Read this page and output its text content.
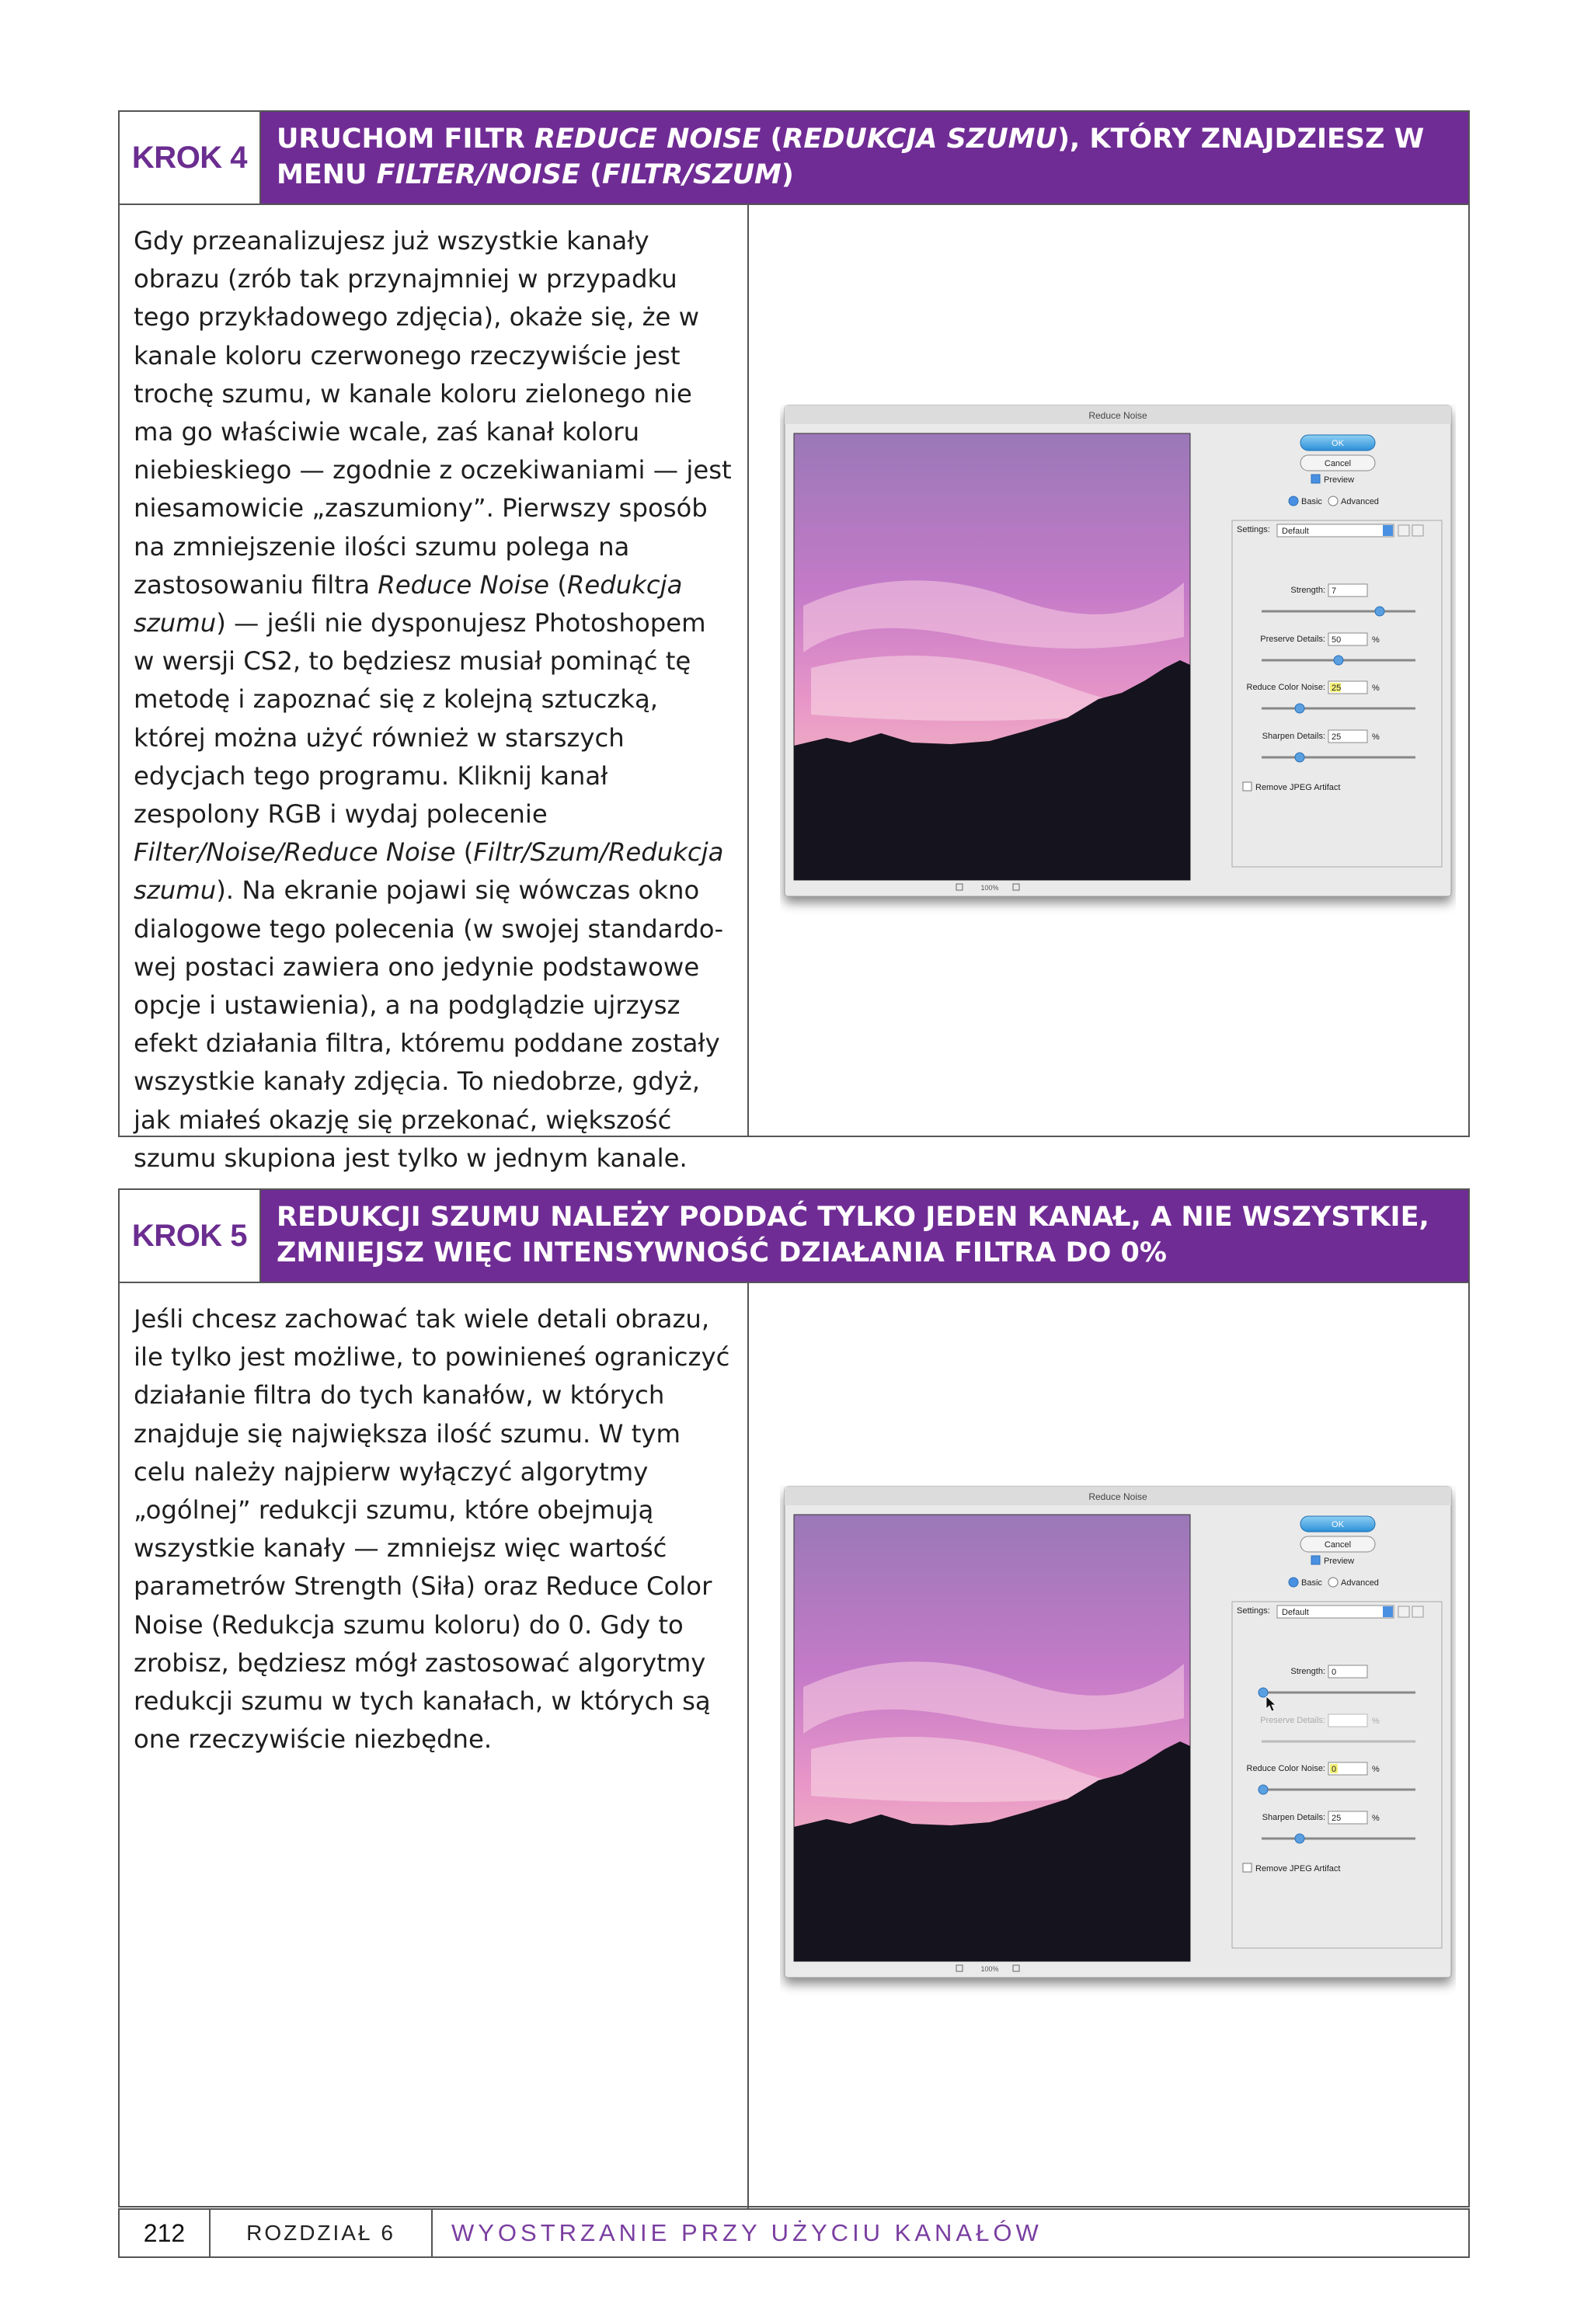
KROK 4
URUCHOM FILTR REDUCE NOISE (REDUKCJA SZUMU), KTÓRY ZNAJDZIESZ W MENU FILTER/NOISE (FILTR/SZUM)
Gdy przeanalizujesz już wszystkie kanały obrazu (zrób tak przynajmniej w przypadku tego przykładowego zdjęcia), okaże się, że w kanale koloru czerwonego rzeczywiście jest trochę szumu, w kanale koloru zielonego nie ma go właściwie wcale, zaś kanał koloru niebieskiego — zgodnie z oczekiwaniami — jest niesamowicie „zaszumiony”. Pierwszy sposób na zmniejszenie ilości szumu polega na zastosowaniu filtra Reduce Noise (Redukcja szumu) — jeśli nie dysponujesz Photoshopem w wersji CS2, to będziesz musiał pominąć tę metodę i zapoznać się z kolejną sztuczką, której można użyć również w starszych edycjach tego programu. Kliknij kanał zespolony RGB i wydaj polecenie Filter/Noise/Reduce Noise (Filtr/Szum/Redukcja szumu). Na ekranie pojawi się wówczas okno dialogowe tego polecenia (w swojej standardowej postaci zawiera ono jedynie podstawowe opcje i ustawienia), a na podglądzie ujrzysz efekt działania filtra, któremu poddane zostały wszystkie kanały zdjęcia. To niedobrze, gdyż, jak miałeś okazję się przekonać, większość szumu skupiona jest tylko w jednym kanale.
Reduce Noise
100%
OK
Cancel
Preview
Basic Advanced
Settings: Default
Strength: 7
Preserve Details: 50	%
Reduce Color Noise: 25	%
Sharpen Details: 25	%
Remove JPEG Artifact
KROK 5
REDUKCJI SZUMU NALEŻY PODDAĆ TYLKO JEDEN KANAŁ, A NIE WSZYSTKIE,
ZMNIEJSZ WIĘC INTENSYWNOŚĆ DZIAŁANIA FILTRA DO 0%
Jeśli chcesz zachować tak wiele detali obrazu, ile tylko jest możliwe, to powinieneś ograniczyć działanie filtra do tych kanałów, w których znajduje się największa ilość szumu. W tym celu należy najpierw wyłączyć algorytmy „ogólnej” redukcji szumu, które obejmują wszystkie kanały — zmniejsz więc wartość parametrów Strength (Siła) oraz Reduce Color Noise (Redukcja szumu koloru) do 0. Gdy to zrobisz, będziesz mógł zastosować algorytmy redukcji szumu w tych kanałach, w których są one rzeczywiście niezbędne.
Reduce Noise
100%
OK
Cancel
Preview
Basic Advanced
Settings: Default
Strength: 0
Preserve Details:	%
Reduce Color Noise: 0	%
Sharpen Details: 25	%
Remove JPEG Artifact
212	ROZDZIAŁ 6	WYOSTRZANIE PRZY UŻYCIU KANAŁÓW
